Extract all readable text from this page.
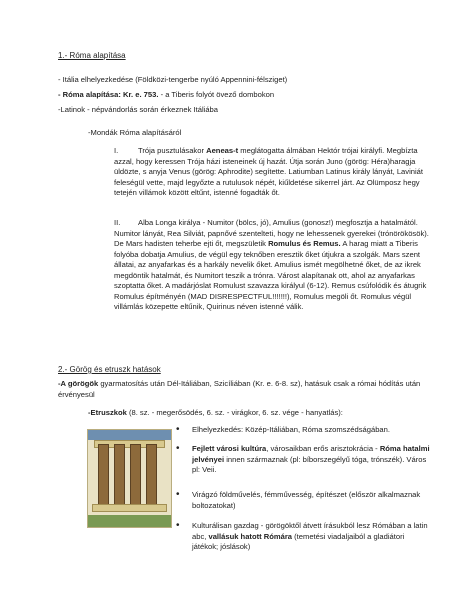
1.- Róma alapítása
- Itália elhelyezkedése (Földközi-tengerbe nyúló Appennini-félsziget)
- Róma alapítása: Kr. e. 753. - a Tiberis folyót övező dombokon
-Latinok - népvándorlás során érkeznek Itáliába
-Mondák Róma alapításáról
I.	Trója pusztulásakor Aeneas-t meglátogatta álmában Hektór trójai királyfi. Megbízta azzal, hogy keressen Trója házi isteneinek új hazát. Útja során Juno (görög: Héra)haragja üldözte, s anyja Venus (görög: Aphrodite) segítette. Latiumban Latinus király lányát, Laviniát feleségül vette, majd legyőzte a rutulusok népét, kiűldetése sikerrel járt. Az Olümposz hegy tetején villámok között eltűnt, istenné fogadták őt.
II.	Alba Longa királya - Numitor (bölcs, jó), Amulius (gonosz!) megfosztja a hatalmától. Numitor lányát, Rea Silviát, papnővé szentelteti, hogy ne lehessenek gyerekei (trónörökösök). De Mars hadisten teherbe ejti őt, megszületik Romulus és Remus. A harag miatt a Tiberis folyóba dobatja Amulius, de végül egy teknőben eresztik őket útjukra a szolgák. Mars szent állatai, az anyafarkas és a harkály nevelik őket. Amulius ismét megölhetné őket, de az ikrek megdöntik hatalmát, és Numitort teszik a trónra. Várost alapítanak ott, ahol az anyafarkas szoptatta őket. A madárjóslat Romulust szavazza királyul (6-12). Remus csúfolódik és átugrik Romulus építményén (MAD DISRESPECTFUL!!!!!!!), Romulus megöli őt. Romulus végül villámlás közepette eltűnik, Quirinus néven istenné válik.
2.- Görög és etruszk hatások
-A görögök gyarmatosítás után Dél-Itáliában, Szicíliában (Kr. e. 6-8. sz), hatásuk csak a római hódítás után érvényesül
-Etruszkok (8. sz. - megerősödés, 6. sz. - virágkor, 6. sz. vége - hanyatlás):
• Elhelyezkedés: Közép-Itáliában, Róma szomszédságában.
• Fejlett városi kultúra, városaikban erős arisztokrácia - Róma hatalmi jelvényei innen származnak (pl: bíborszegélyű tóga, trónszék). Város pl: Veii.
• Virágzó földművelés, fémművesség, építészet (először alkalmaznak boltozatokat)
• Kulturálisan gazdag - görögöktől átvett írásukból lesz Rómában a latin abc, vallásuk hatott Rómára (temetési viadaljaiból a gladiátori játékok; jóslások)
